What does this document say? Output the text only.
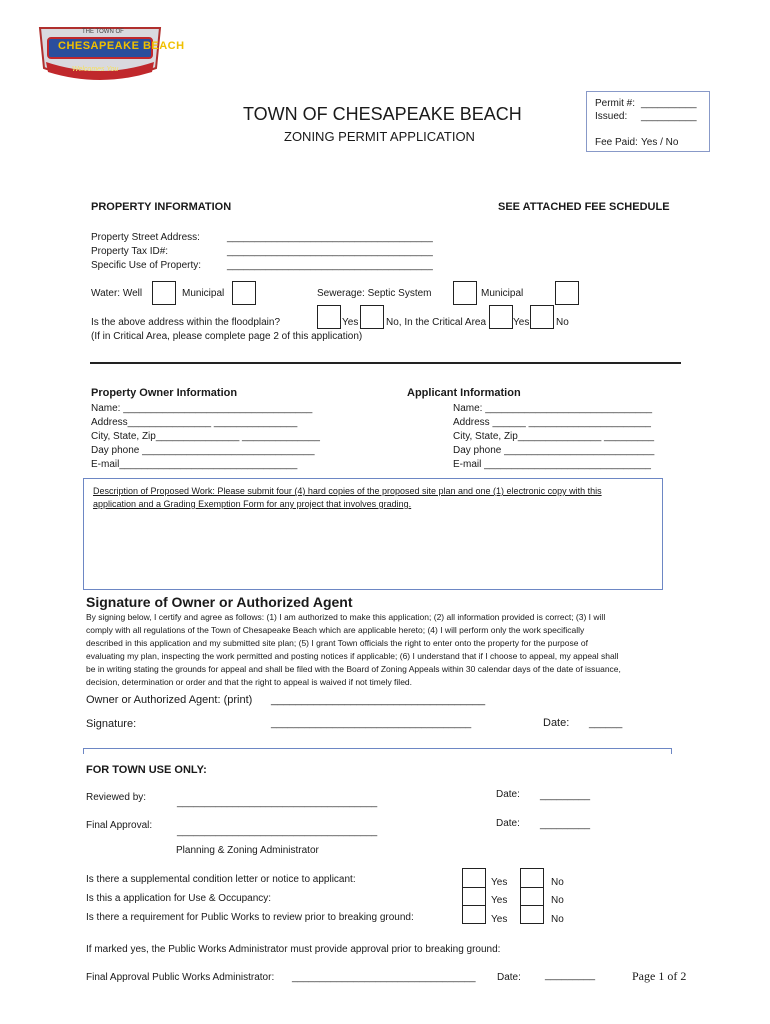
THE TOWN OF
CHESAPEAKE BEACH
Welcomes You
TOWN OF CHESAPEAKE BEACH
ZONING PERMIT APPLICATION
Permit #: __________
Issued: __________
Fee Paid: Yes / No
PROPERTY INFORMATION	SEE ATTACHED FEE SCHEDULE
Property Street Address:	_____________________________________
Property Tax ID#:	_____________________________________
Specific Use of Property:	_____________________________________
Water: Well	Municipal	Sewerage: Septic System	Municipal
Is the above address within the floodplain?	Yes	No, In the Critical Area	Yes	No
(If in Critical Area, please complete page 2 of this application)
Property Owner Information
Name: __________________________________
Address_______________ _______________
City, State, Zip_______________ ______________
Day phone _______________________________
E-mail________________________________
Applicant Information
Name: ______________________________
Address ______ ______________________
City, State, Zip_______________ _________
Day phone ___________________________
E-mail ______________________________
Description of Proposed Work: Please submit four (4) hard copies of the proposed site plan and one (1) electronic copy with this
application and a Grading Exemption Form for any project that involves grading.
Signature of Owner or Authorized Agent
By signing below, I certify and agree as follows: (1) I am authorized to make this application; (2) all information provided is correct; (3) I will
comply with all regulations of the Town of Chesapeake Beach which are applicable hereto; (4) I will perform only the work specifically
described in this application and my submitted site plan; (5) I grant Town officials the right to enter onto the property for the purpose of
evaluating my plan, inspecting the work permitted and posting notices if applicable; (6) I understand that if I choose to appeal, my appeal shall
be in writing stating the grounds for appeal and shall be filed with the Board of Zoning Appeals within 30 calendar days of the date of issuance,
decision, determination or order and that the right to appeal is waived if not timely filed.
Owner or Authorized Agent: (print) ___________________________________
Signature:	____________________________________	Date: ______
FOR TOWN USE ONLY:
Reviewed by:	____________________________________
Date: _________
Final Approval:
____________________________________
Date: _________
Planning & Zoning Administrator
Is there a supplemental condition letter or notice to applicant:	Yes	No
Is this a application for Use & Occupancy:	Yes	No
Is there a requirement for Public Works to review prior to breaking ground:	Yes	No
If marked yes, the Public Works Administrator must provide approval prior to breaking ground:
Final Approval Public Works Administrator: _________________________________ Date: _________	Page 1 of 2
